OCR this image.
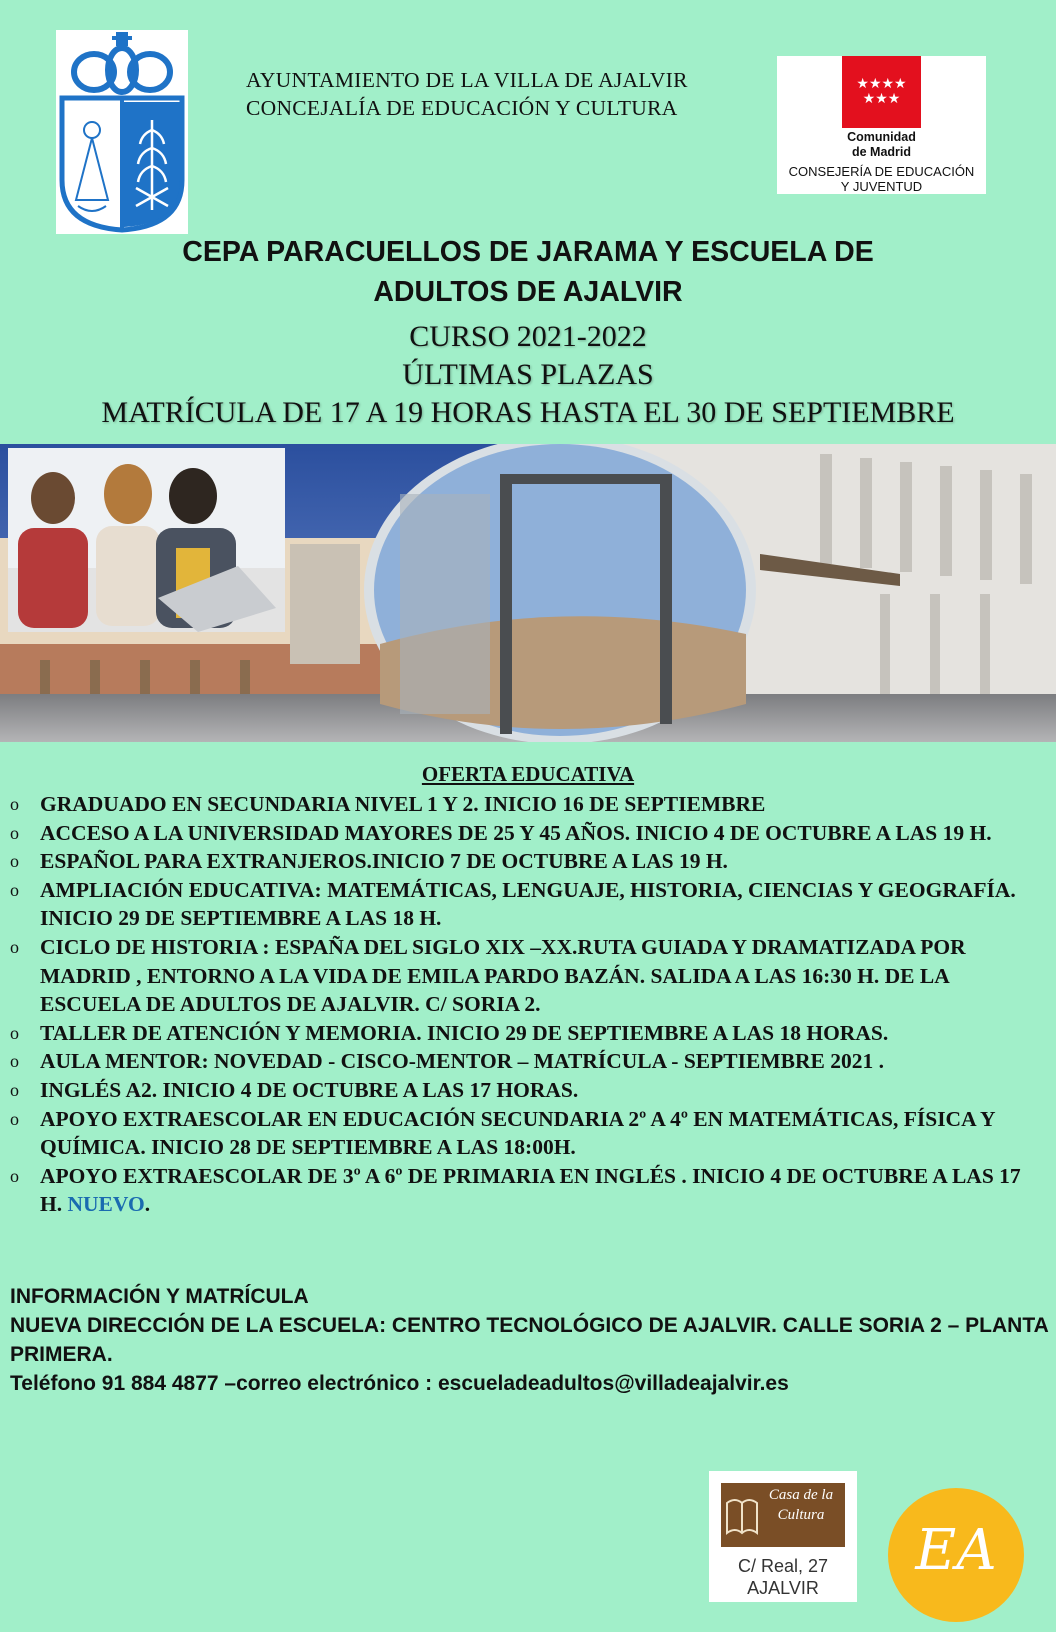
AYUNTAMIENTO DE LA VILLA DE AJALVIR
CONCEJALÍA DE EDUCACIÓN Y CULTURA
★★★★
★★★
Comunidad
de Madrid
CONSEJERÍA DE EDUCACIÓN
Y JUVENTUD
CEPA PARACUELLOS DE JARAMA Y ESCUELA DE
ADULTOS DE AJALVIR
CURSO 2021-2022
ÚLTIMAS PLAZAS
MATRÍCULA DE 17 A 19 HORAS HASTA EL 30 DE SEPTIEMBRE
OFERTA EDUCATIVA
o GRADUADO EN SECUNDARIA NIVEL 1 Y 2. INICIO 16 DE SEPTIEMBRE
o ACCESO A LA UNIVERSIDAD MAYORES DE 25 Y 45 AÑOS. INICIO 4 DE OCTUBRE A LAS 19 H.
o ESPAÑOL PARA EXTRANJEROS.INICIO 7 DE OCTUBRE A LAS 19 H.
o AMPLIACIÓN EDUCATIVA: MATEMÁTICAS, LENGUAJE, HISTORIA, CIENCIAS Y GEOGRAFÍA. INICIO 29 DE SEPTIEMBRE A LAS 18 H.
o CICLO DE HISTORIA : ESPAÑA DEL SIGLO XIX –XX.RUTA GUIADA Y DRAMATIZADA POR MADRID , ENTORNO A LA VIDA DE EMILA PARDO BAZÁN. SALIDA A LAS 16:30 H. DE LA ESCUELA DE ADULTOS DE AJALVIR. C/ SORIA 2.
o TALLER DE ATENCIÓN Y MEMORIA. INICIO 29 DE SEPTIEMBRE A LAS 18 HORAS.
o AULA MENTOR: NOVEDAD - CISCO-MENTOR – MATRÍCULA - SEPTIEMBRE 2021 .
o INGLÉS A2. INICIO 4 DE OCTUBRE A LAS 17 HORAS.
o APOYO EXTRAESCOLAR EN EDUCACIÓN SECUNDARIA 2º A 4º EN MATEMÁTICAS, FÍSICA Y QUÍMICA. INICIO 28 DE SEPTIEMBRE A LAS 18:00H.
o APOYO EXTRAESCOLAR DE 3º A 6º DE PRIMARIA EN INGLÉS . INICIO 4 DE OCTUBRE A LAS 17 H. NUEVO.
INFORMACIÓN Y MATRÍCULA
NUEVA DIRECCIÓN DE LA ESCUELA: CENTRO TECNOLÓGICO DE AJALVIR. CALLE SORIA 2 – PLANTA PRIMERA.
Teléfono 91 884 4877 –correo electrónico : escueladeadultos@villadeajalvir.es
Casa de la
Cultura
C/ Real, 27
AJALVIR
EA
